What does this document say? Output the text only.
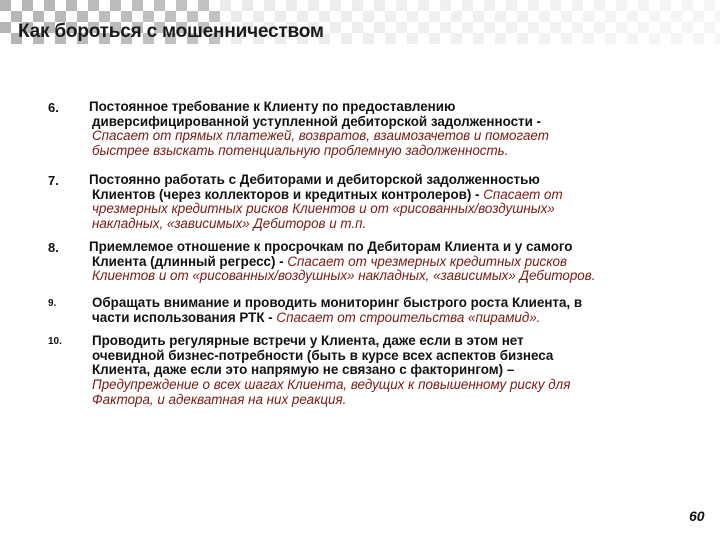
Как бороться с мошенничеством
6. Постоянное требование к Клиенту по предоставлению
диверсифицированной уступленной дебиторской задолженности -
Спасает от прямых платежей, возвратов, взаимозачетов и помогает
быстрее взыскать потенциальную проблемную задолженность.
7. Постоянно работать с Дебиторами и дебиторской задолженностью
Клиентов (через коллекторов и кредитных контролеров) - Спасает от
чрезмерных кредитных рисков Клиентов и от «рисованных/воздушных»
накладных, «зависимых» Дебиторов и т.п.
8. Приемлемое отношение к просрочкам по Дебиторам Клиента и у самого
Клиента (длинный регресс) - Спасает от чрезмерных кредитных рисков
Клиентов и от «рисованных/воздушных» накладных, «зависимых» Дебиторов.
9.	Обращать внимание и проводить мониторинг быстрого роста Клиента, в
части использования РТК - Спасает от строительства «пирамид».
10. Проводить регулярные встречи у Клиента, даже если в этом нет
очевидной бизнес-потребности (быть в курсе всех аспектов бизнеса
Клиента, даже если это напрямую не связано с факторингом) –
Предупреждение о всех шагах Клиента, ведущих к повышенному риску для
Фактора, и адекватная на них реакция.
60
